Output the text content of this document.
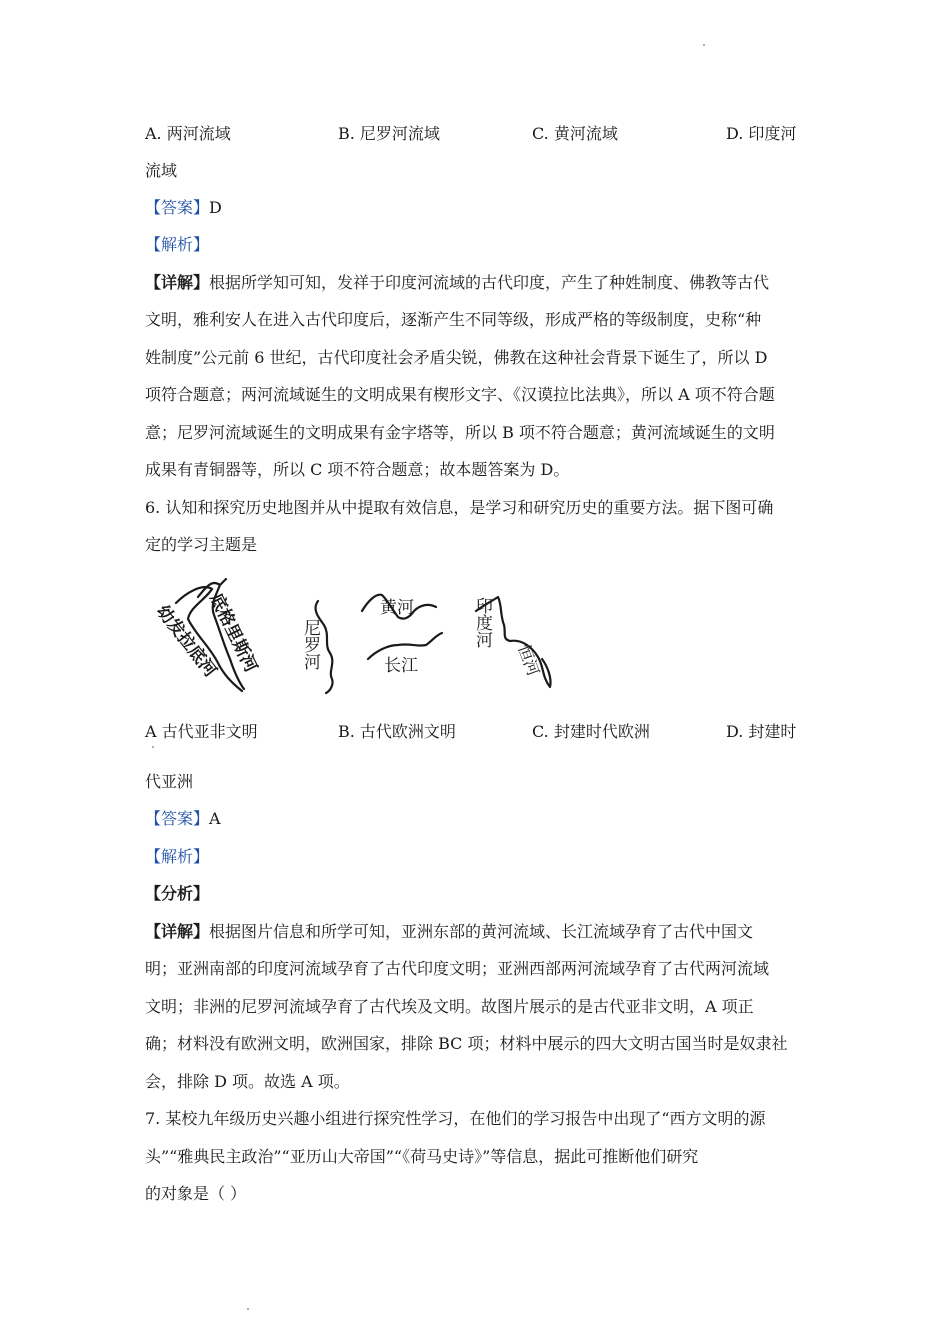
A. 两河流域	B. 尼罗河流域	C. 黄河流域	D. 印度河
流域
【答案】D
【解析】
【详解】根据所学知可知，发祥于印度河流域的古代印度，产生了种姓制度、佛教等古代
文明，雅利安人在进入古代印度后，逐渐产生不同等级，形成严格的等级制度，史称“种
姓制度”公元前 6 世纪，古代印度社会矛盾尖锐，佛教在这种社会背景下诞生了，所以 D
项符合题意；两河流域诞生的文明成果有楔形文字、《汉谟拉比法典》，所以 A 项不符合题
意；尼罗河流域诞生的文明成果有金字塔等，所以 B 项不符合题意；黄河流域诞生的文明
成果有青铜器等，所以 C 项不符合题意；故本题答案为 D。
6. 认知和探究历史地图并从中提取有效信息，是学习和研究历史的重要方法。据下图可确
定的学习主题是
幼发拉底河
底格里斯河 尼罗河
黄河
长江
印度河
恒河
A 古代亚非文明	B. 古代欧洲文明	C. 封建时代欧洲	D. 封建时
代亚洲
【答案】A
【解析】
【分析】
【详解】根据图片信息和所学可知，亚洲东部的黄河流域、长江流域孕育了古代中国文
明；亚洲南部的印度河流域孕育了古代印度文明；亚洲西部两河流域孕育了古代两河流域
文明；非洲的尼罗河流域孕育了古代埃及文明。故图片展示的是古代亚非文明，A 项正
确；材料没有欧洲文明，欧洲国家，排除 BC 项；材料中展示的四大文明古国当时是奴隶社
会，排除 D 项。故选 A 项。
7. 某校九年级历史兴趣小组进行探究性学习，在他们的学习报告中出现了“西方文明的源
头”“雅典民主政治”“亚历山大帝国”“《荷马史诗》”等信息，据此可推断他们研究
的对象是（ ）
